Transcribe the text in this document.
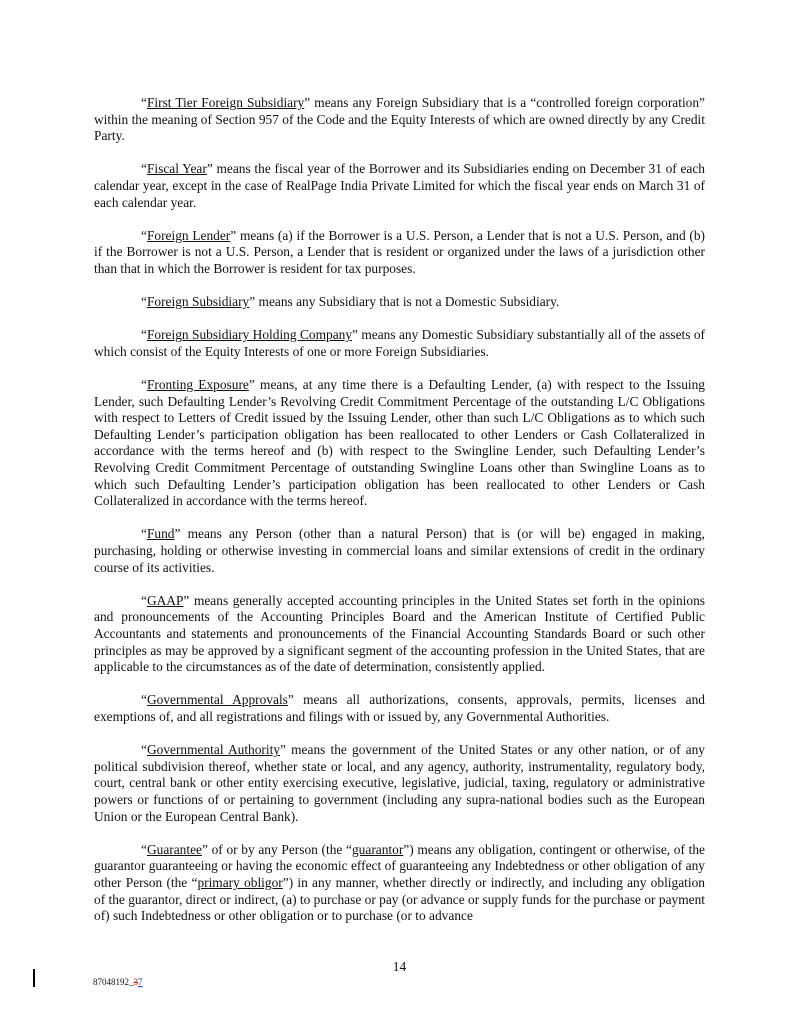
“First Tier Foreign Subsidiary” means any Foreign Subsidiary that is a “controlled foreign corporation” within the meaning of Section 957 of the Code and the Equity Interests of which are owned directly by any Credit Party.

“Fiscal Year” means the fiscal year of the Borrower and its Subsidiaries ending on December 31 of each calendar year, except in the case of RealPage India Private Limited for which the fiscal year ends on March 31 of each calendar year.

“Foreign Lender” means (a) if the Borrower is a U.S. Person, a Lender that is not a U.S. Person, and (b) if the Borrower is not a U.S. Person, a Lender that is resident or organized under the laws of a jurisdiction other than that in which the Borrower is resident for tax purposes.

“Foreign Subsidiary” means any Subsidiary that is not a Domestic Subsidiary.

“Foreign Subsidiary Holding Company” means any Domestic Subsidiary substantially all of the assets of which consist of the Equity Interests of one or more Foreign Subsidiaries.

“Fronting Exposure” means, at any time there is a Defaulting Lender, (a) with respect to the Issuing Lender, such Defaulting Lender’s Revolving Credit Commitment Percentage of the outstanding L/C Obligations with respect to Letters of Credit issued by the Issuing Lender, other than such L/C Obligations as to which such Defaulting Lender’s participation obligation has been reallocated to other Lenders or Cash Collateralized in accordance with the terms hereof and (b) with respect to the Swingline Lender, such Defaulting Lender’s Revolving Credit Commitment Percentage of outstanding Swingline Loans other than Swingline Loans as to which such Defaulting Lender’s participation obligation has been reallocated to other Lenders or Cash Collateralized in accordance with the terms hereof.

“Fund” means any Person (other than a natural Person) that is (or will be) engaged in making, purchasing, holding or otherwise investing in commercial loans and similar extensions of credit in the ordinary course of its activities.

“GAAP” means generally accepted accounting principles in the United States set forth in the opinions and pronouncements of the Accounting Principles Board and the American Institute of Certified Public Accountants and statements and pronouncements of the Financial Accounting Standards Board or such other principles as may be approved by a significant segment of the accounting profession in the United States, that are applicable to the circumstances as of the date of determination, consistently applied.

“Governmental Approvals” means all authorizations, consents, approvals, permits, licenses and exemptions of, and all registrations and filings with or issued by, any Governmental Authorities.

“Governmental Authority” means the government of the United States or any other nation, or of any political subdivision thereof, whether state or local, and any agency, authority, instrumentality, regulatory body, court, central bank or other entity exercising executive, legislative, judicial, taxing, regulatory or administrative powers or functions of or pertaining to government (including any supra-national bodies such as the European Union or the European Central Bank).

“Guarantee” of or by any Person (the “guarantor”) means any obligation, contingent or otherwise, of the guarantor guaranteeing or having the economic effect of guaranteeing any Indebtedness or other obligation of any other Person (the “primary obligor”) in any manner, whether directly or indirectly, and including any obligation of the guarantor, direct or indirect, (a) to purchase or pay (or advance or supply funds for the purchase or payment of) such Indebtedness or other obligation or to purchase (or to advance

14
87048192_37
